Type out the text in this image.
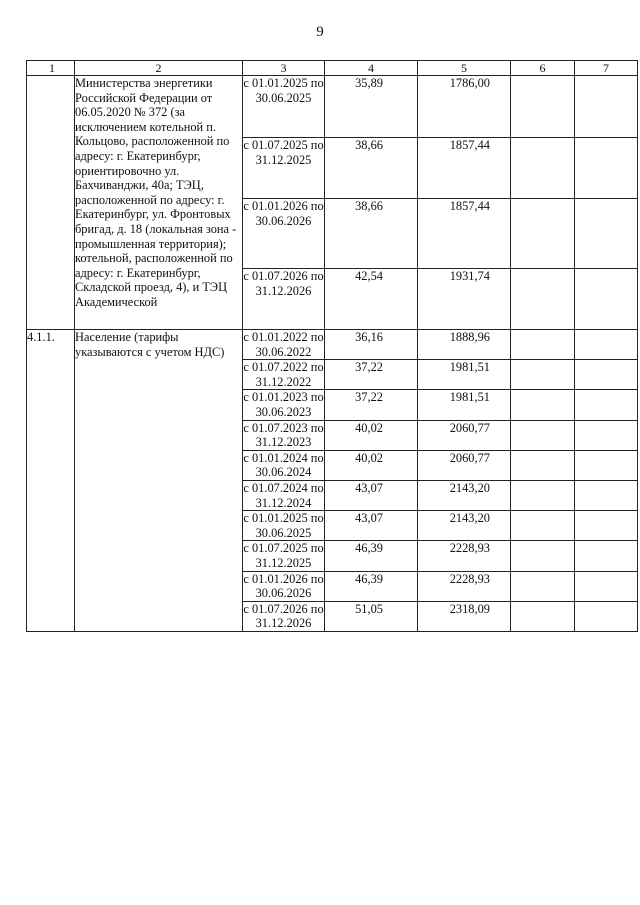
9
1	2	3	4	5	6	7
	Министерства энергетики Российской Федерации от 06.05.2020 № 372 (за исключением котельной п. Кольцово, расположенной по адресу: г. Екатеринбург, ориентировочно ул. Бахчиванджи, 40а; ТЭЦ, расположенной по адресу: г. Екатеринбург, ул. Фронтовых бригад, д. 18 (локальная зона - промышленная территория); котельной, расположенной по адресу: г. Екатеринбург, Складской проезд, 4), и ТЭЦ Академической	с 01.01.2025 по 30.06.2025	35,89	1786,00		
		с 01.07.2025 по 31.12.2025	38,66	1857,44		
		с 01.01.2026 по 30.06.2026	38,66	1857,44		
		с 01.07.2026 по 31.12.2026	42,54	1931,74		
4.1.1.	Население (тарифы указываются с учетом НДС)	с 01.01.2022 по 30.06.2022	36,16	1888,96		
		с 01.07.2022 по 31.12.2022	37,22	1981,51		
		с 01.01.2023 по 30.06.2023	37,22	1981,51		
		с 01.07.2023 по 31.12.2023	40,02	2060,77		
		с 01.01.2024 по 30.06.2024	40,02	2060,77		
		с 01.07.2024 по 31.12.2024	43,07	2143,20		
		с 01.01.2025 по 30.06.2025	43,07	2143,20		
		с 01.07.2025 по 31.12.2025	46,39	2228,93		
		с 01.01.2026 по 30.06.2026	46,39	2228,93		
		с 01.07.2026 по 31.12.2026	51,05	2318,09		
